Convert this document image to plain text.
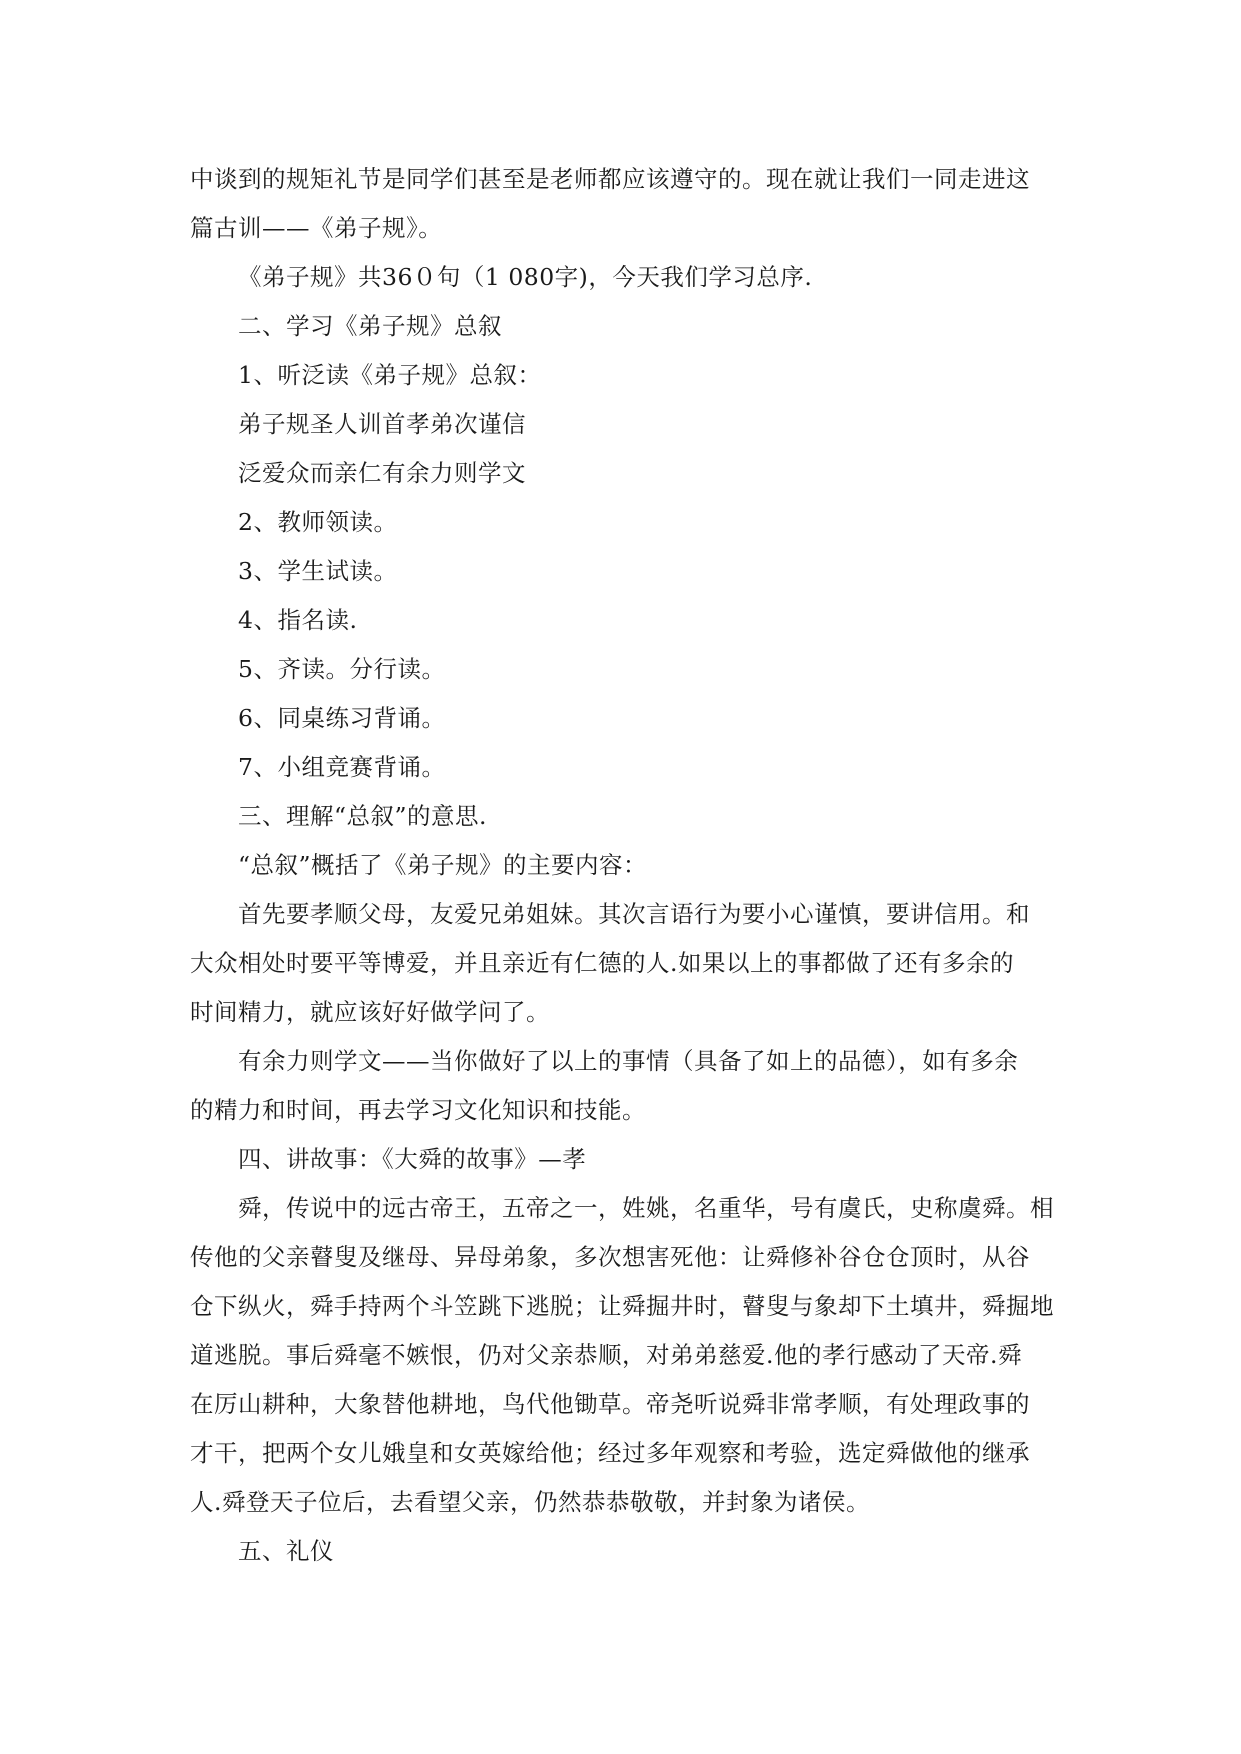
中谈到的规矩礼节是同学们甚至是老师都应该遵守的。现在就让我们一同走进这
篇古训——《弟子规》。
《弟子规》共36０句（1 080字)，今天我们学习总序.
二、学习《弟子规》总叙
1、听泛读《弟子规》总叙：
弟子规圣人训首孝弟次谨信
泛爱众而亲仁有余力则学文
2、教师领读。
3、学生试读。
4、指名读.
5、齐读。分行读。
6、同桌练习背诵。
7、小组竞赛背诵。
三、理解“总叙”的意思.
“总叙”概括了《弟子规》的主要内容：
首先要孝顺父母，友爱兄弟姐妹。其次言语行为要小心谨慎，要讲信用。和
大众相处时要平等博爱，并且亲近有仁德的人.如果以上的事都做了还有多余的
时间精力，就应该好好做学问了。
有余力则学文——当你做好了以上的事情（具备了如上的品德），如有多余
的精力和时间，再去学习文化知识和技能。
四、讲故事：《大舜的故事》—孝
舜，传说中的远古帝王，五帝之一，姓姚，名重华，号有虞氏，史称虞舜。相
传他的父亲瞽叟及继母、异母弟象，多次想害死他：让舜修补谷仓仓顶时，从谷
仓下纵火，舜手持两个斗笠跳下逃脱；让舜掘井时，瞽叟与象却下土填井，舜掘地
道逃脱。事后舜毫不嫉恨，仍对父亲恭顺，对弟弟慈爱.他的孝行感动了天帝.舜
在厉山耕种，大象替他耕地，鸟代他锄草。帝尧听说舜非常孝顺，有处理政事的
才干，把两个女儿娥皇和女英嫁给他；经过多年观察和考验，选定舜做他的继承
人.舜登天子位后，去看望父亲，仍然恭恭敬敬，并封象为诸侯。
五、礼仪
